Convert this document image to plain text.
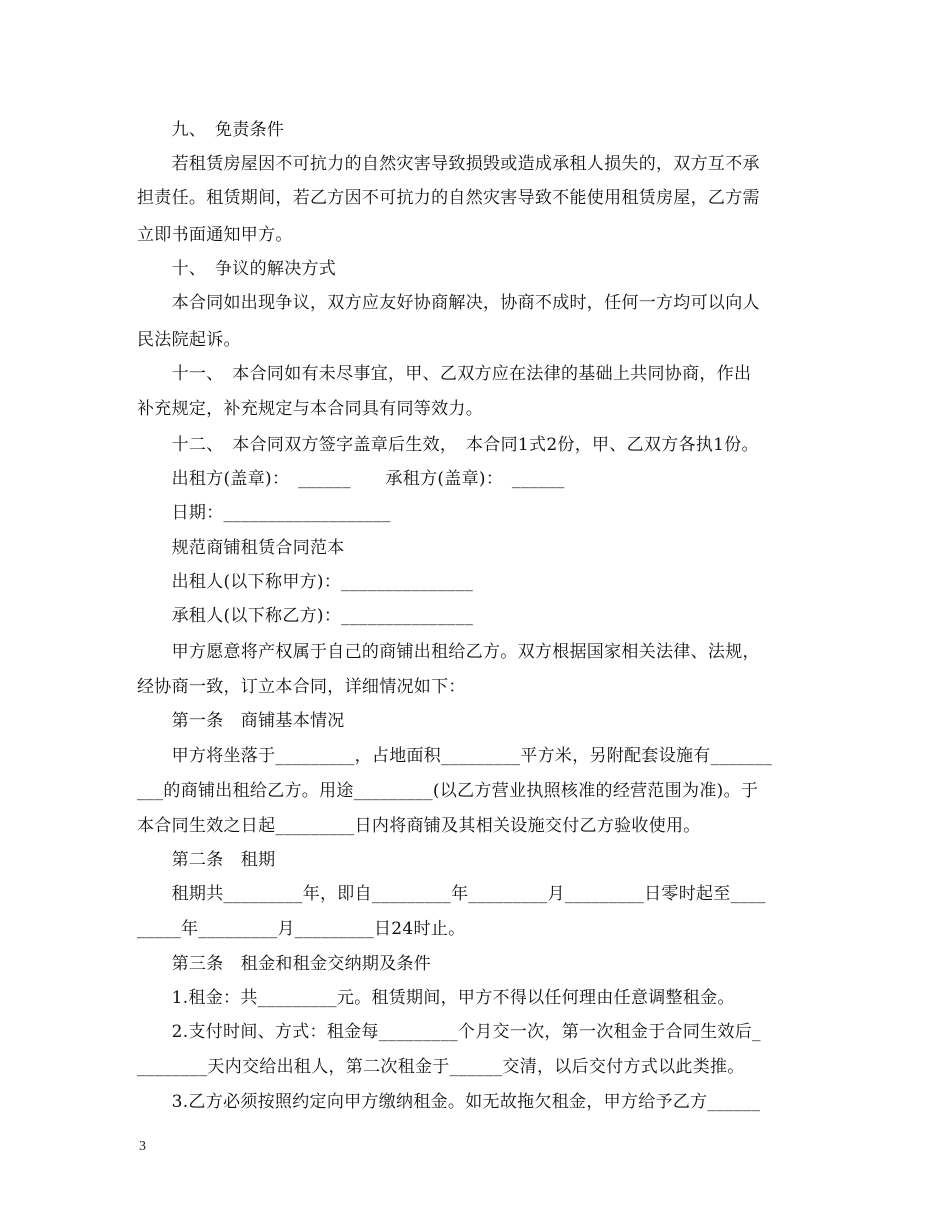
　　九、　免责条件
　　若租赁房屋因不可抗力的自然灾害导致损毁或造成承租人损失的，双方互不承
担责任。租赁期间，若乙方因不可抗力的自然灾害导致不能使用租赁房屋，乙方需
立即书面通知甲方。
　　十、　争议的解决方式
　　本合同如出现争议，双方应友好协商解决，协商不成时，任何一方均可以向人
民法院起诉。
　　十一、　本合同如有未尽事宜，甲、乙双方应在法律的基础上共同协商，作出
补充规定，补充规定与本合同具有同等效力。
　　十二、　本合同双方签字盖章后生效，　本合同1式2份，甲、乙双方各执1份。
　　出租方(盖章)：　______　　承租方(盖章)：　______
　　日期：___________________
　　规范商铺租赁合同范本
　　出租人(以下称甲方)：_______________
　　承租人(以下称乙方)：_______________
　　甲方愿意将产权属于自己的商铺出租给乙方。双方根据国家相关法律、法规，
经协商一致，订立本合同，详细情况如下：
　　第一条　商铺基本情况
　　甲方将坐落于_________，占地面积_________平方米，另附配套设施有_______
___的商铺出租给乙方。用途_________(以乙方营业执照核准的经营范围为准)。于
本合同生效之日起_________日内将商铺及其相关设施交付乙方验收使用。
　　第二条　租期
　　租期共_________年，即自_________年_________月_________日零时起至____
_____年_________月_________日24时止。
　　第三条　租金和租金交纳期及条件
　　1.租金：共_________元。租赁期间，甲方不得以任何理由任意调整租金。
　　2.支付时间、方式：租金每_________个月交一次，第一次租金于合同生效后_
________天内交给出租人，第二次租金于______交清，以后交付方式以此类推。
　　3.乙方必须按照约定向甲方缴纳租金。如无故拖欠租金，甲方给予乙方______
3
